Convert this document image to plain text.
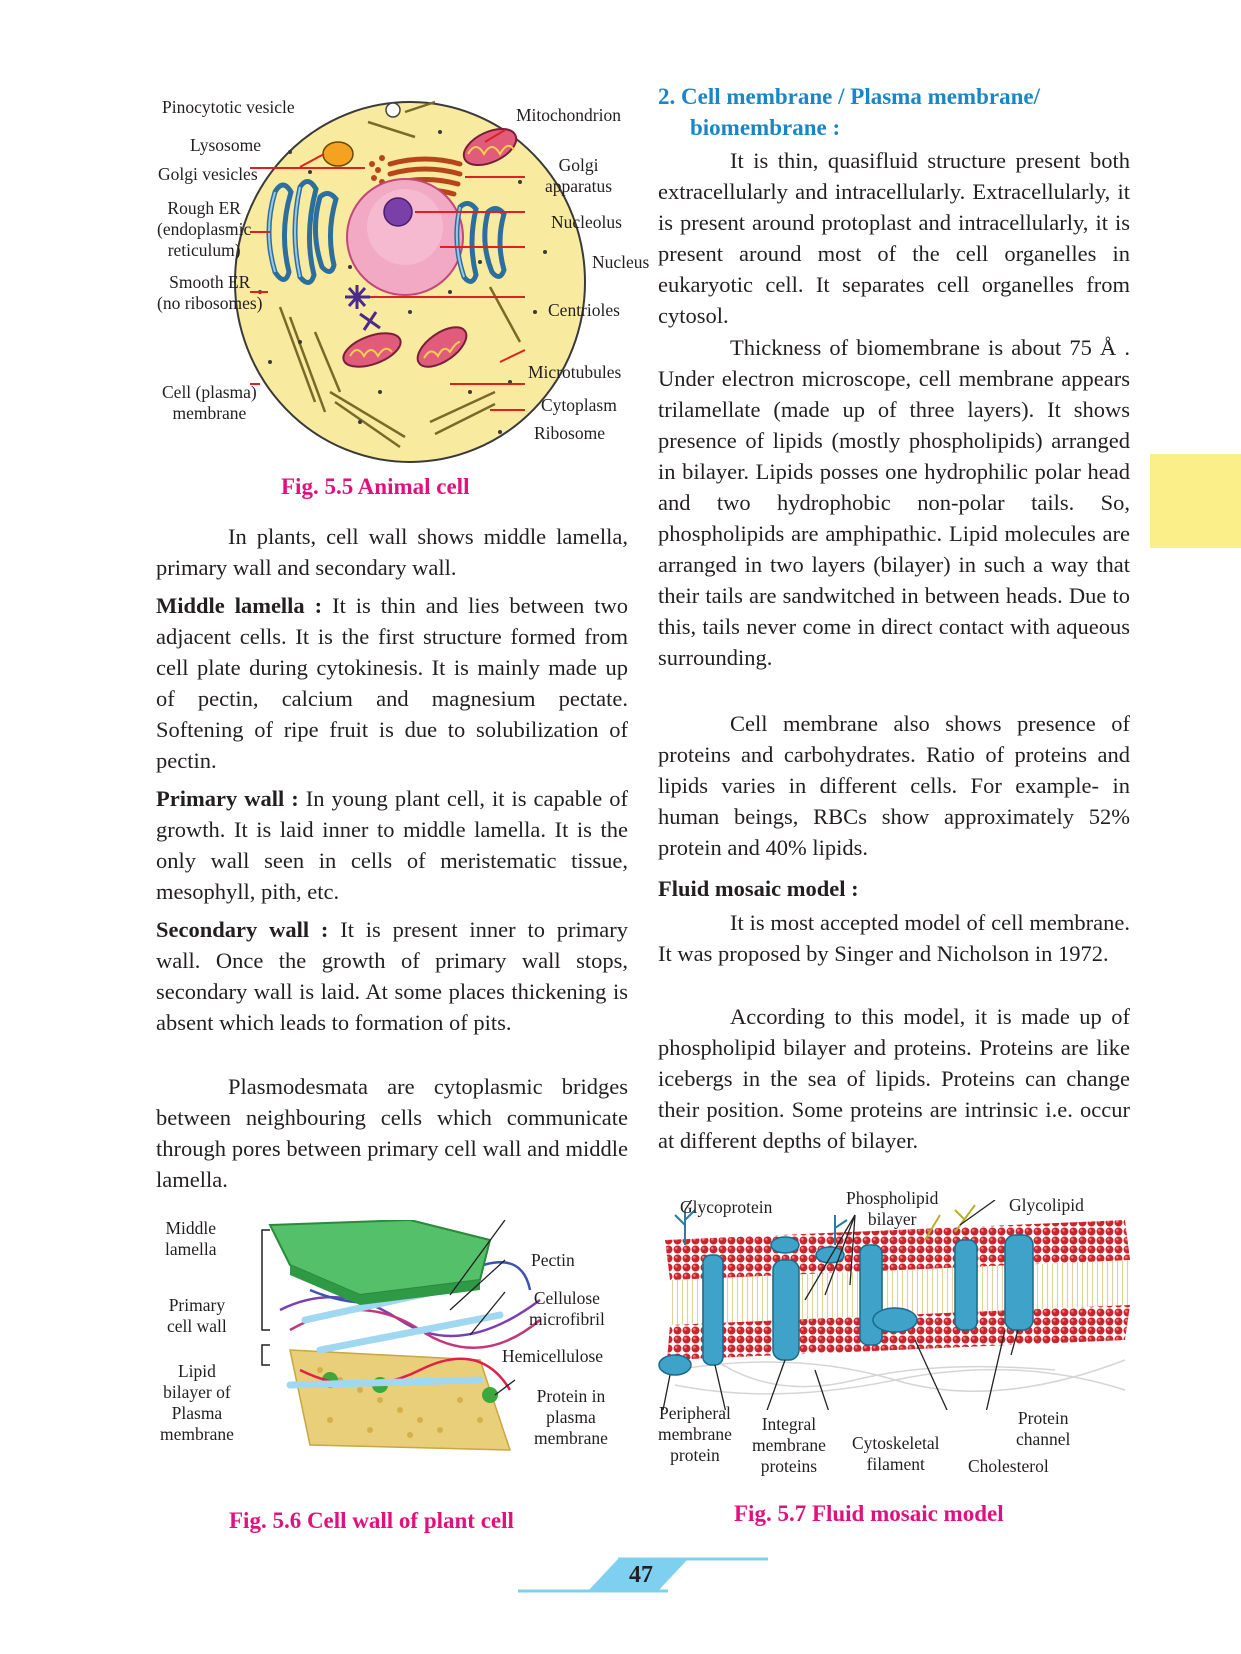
Pinocytotic vesicle
Lysosome
Golgi vesicles
Rough ER
(endoplasmic
reticulum)
Smooth ER
(no ribosomes)
Cell (plasma)
membrane
Mitochondrion
Golgi
apparatus
Nucleolus
Nucleus
Centrioles
Microtubules
Cytoplasm
Ribosome
Fig. 5.5 Animal cell

In plants, cell wall shows middle lamella, primary wall and secondary wall.

Middle lamella : It is thin and lies between two adjacent cells. It is the first structure formed from cell plate during cytokinesis. It is mainly made up of pectin, calcium and magnesium pectate. Softening of ripe fruit is due to solubilization of pectin.

Primary wall : In young plant cell, it is capable of growth. It is laid inner to middle lamella. It is the only wall seen in cells of meristematic tissue, mesophyll, pith, etc.

Secondary wall : It is present inner to primary wall. Once the growth of primary wall stops, secondary wall is laid. At some places thickening is absent which leads to formation of pits.

Plasmodesmata are cytoplasmic bridges between neighbouring cells which communicate through pores between primary cell wall and middle lamella.

Middle
lamella
Primary
cell wall
Lipid
bilayer of
Plasma
membrane
Pectin
Cellulose
microfibril
Hemicellulose
Protein in
plasma
membrane
Fig. 5.6 Cell wall of plant cell
2. Cell membrane / Plasma membrane/
biomembrane :

It is thin, quasifluid structure present both extracellularly and intracellularly. Extracellularly, it is present around protoplast and intracellularly, it is present around most of the cell organelles in eukaryotic cell. It separates cell organelles from cytosol.

Thickness of biomembrane is about 75 Å . Under electron microscope, cell membrane appears trilamellate (made up of three layers). It shows presence of lipids (mostly phospholipids) arranged in bilayer. Lipids posses one hydrophilic polar head and two hydrophobic non-polar tails. So, phospholipids are amphipathic. Lipid molecules are arranged in two layers (bilayer) in such a way that their tails are sandwitched in between heads. Due to this, tails never come in direct contact with aqueous surrounding.

Cell membrane also shows presence of proteins and carbohydrates. Ratio of proteins and lipids varies in different cells. For example- in human beings, RBCs show approximately 52% protein and 40% lipids.

Fluid mosaic model :

It is most accepted model of cell membrane. It was proposed by Singer and Nicholson in 1972.

According to this model, it is made up of phospholipid bilayer and proteins. Proteins are like icebergs in the sea of lipids. Proteins can change their position. Some proteins are intrinsic i.e. occur at different depths of bilayer.

Glycoprotein	Phospholipid
bilayer
Glycolipid
Peripheral
membrane
protein
Integral
membrane
proteins
Cytoskeletal
filament
Protein
channel
Cholesterol
Fig. 5.7 Fluid mosaic model
47
